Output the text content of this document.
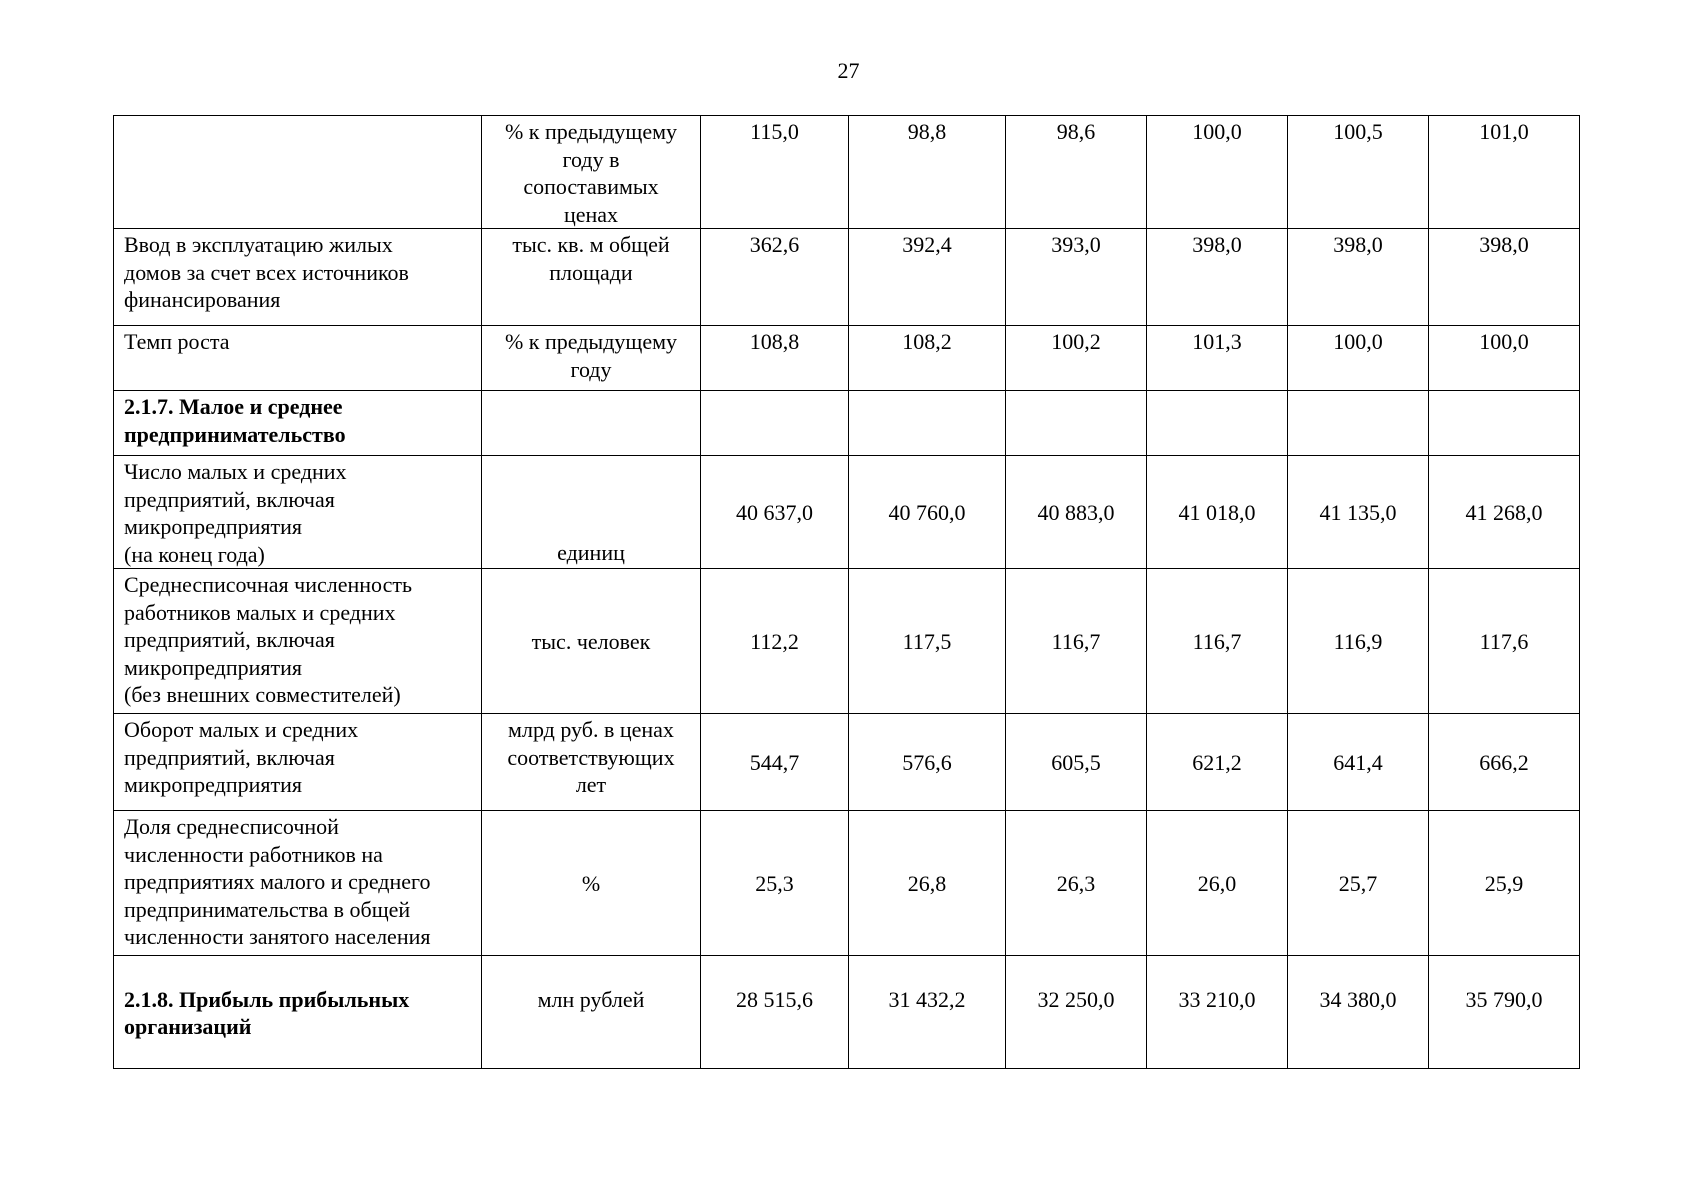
27
	% к предыдущему
году в
сопоставимых
ценах	115,0	98,8	98,6	100,0	100,5	101,0
Ввод в эксплуатацию жилых
домов за счет всех источников
финансирования	тыс. кв. м общей
площади	362,6	392,4	393,0	398,0	398,0	398,0
Темп роста	% к предыдущему
году	108,8	108,2	100,2	101,3	100,0	100,0
2.1.7. Малое и среднее
предпринимательство							
Число малых и средних
предприятий, включая
микропредприятия
(на конец года)	единиц	40 637,0	40 760,0	40 883,0	41 018,0	41 135,0	41 268,0
Среднесписочная численность
работников малых и средних
предприятий, включая
микропредприятия
(без внешних совместителей)	тыс. человек	112,2	117,5	116,7	116,7	116,9	117,6
Оборот малых и средних
предприятий, включая
микропредприятия	млрд руб. в ценах
соответствующих
лет	544,7	576,6	605,5	621,2	641,4	666,2
Доля среднесписочной
численности работников на
предприятиях малого и среднего
предпринимательства в общей
численности занятого населения	%	25,3	26,8	26,3	26,0	25,7	25,9
2.1.8. Прибыль прибыльных
организаций	млн рублей	28 515,6	31 432,2	32 250,0	33 210,0	34 380,0	35 790,0
